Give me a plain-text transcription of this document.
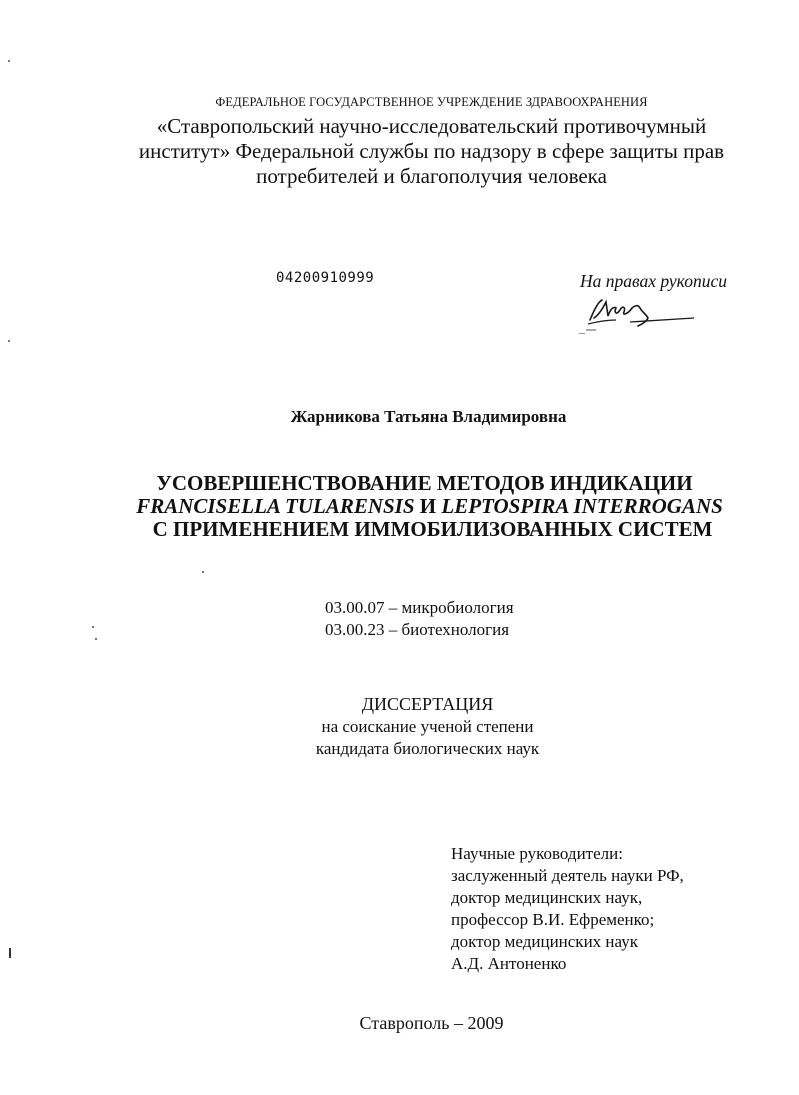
ФЕДЕРАЛЬНОЕ ГОСУДАРСТВЕННОЕ УЧРЕЖДЕНИЕ ЗДРАВООХРАНЕНИЯ
«Ставропольский научно-исследовательский противочумный
институт» Федеральной службы по надзору в сфере защиты прав
потребителей и благополучия человека
04200910999	На правах рукописи
Жарникова Татьяна Владимировна
УСОВЕРШЕНСТВОВАНИЕ МЕТОДОВ ИНДИКАЦИИ
FRANCISELLA TULARENSIS И LEPTOSPIRA INTERROGANS
С ПРИМЕНЕНИЕМ ИММОБИЛИЗОВАННЫХ СИСТЕМ
03.00.07 – микробиология
03.00.23 – биотехнология
ДИССЕРТАЦИЯ
на соискание ученой степени
кандидата биологических наук
Научные руководители:
заслуженный деятель науки РФ,
доктор медицинских наук,
профессор В.И. Ефременко;
доктор медицинских наук
А.Д. Антоненко
Ставрополь – 2009
